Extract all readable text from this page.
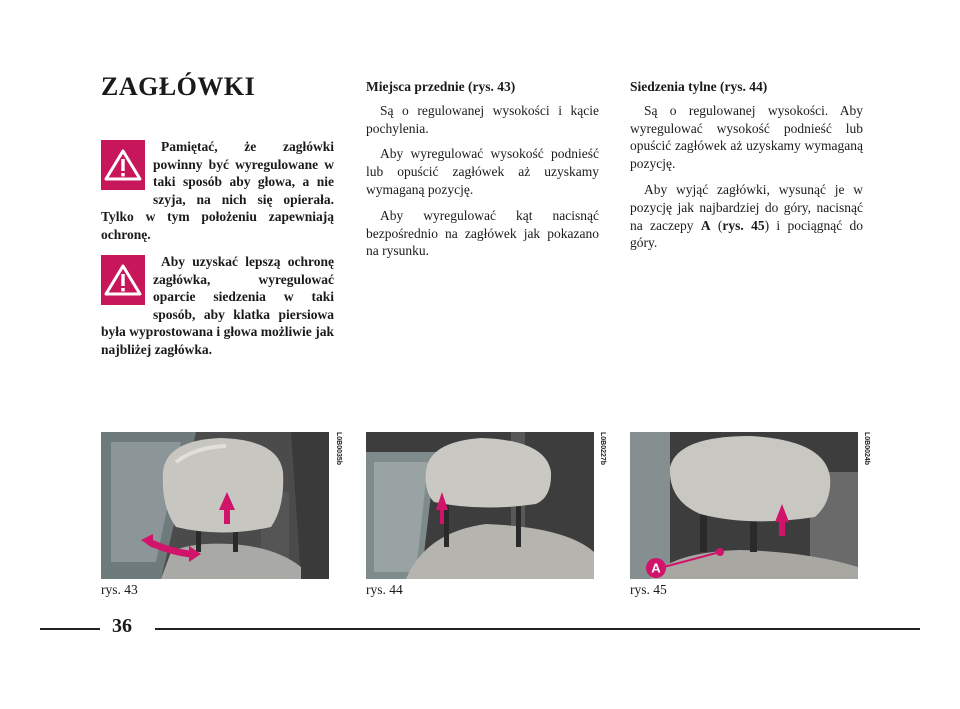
ZAGŁÓWKI
Pamiętać, że zagłówki powinny być wyregulowane w taki sposób aby głowa, a nie szyja, na nich się opierała. Tylko w tym położeniu zapewniają ochronę.
Aby uzyskać lepszą ochronę zagłówka, wyregulować oparcie siedzenia w taki sposób, aby klatka piersiowa była wyprostowana i głowa możliwie jak najbliżej zagłówka.

Miejsca przednie (rys. 43)

Są o regulowanej wysokości i kącie pochylenia.

Aby wyregulować wysokość podnieść lub opuścić zagłówek aż uzyskamy wymaganą pozycję.

Aby wyregulować kąt nacisnąć bezpośrednio na zagłówek jak pokazano na rysunku.

Siedzenia tylne (rys. 44)

Są o regulowanej wysokości. Aby wyregulować wysokość podnieść lub opuścić zagłówek aż uzyskamy wymaganą pozycję.

Aby wyjąć zagłówki, wysunąć je w pozycję jak najbardziej do góry, nacisnąć na zaczepy A (rys. 45) i pociągnąć do góry.

L0B0035b
rys. 43
L0B0227b
rys. 44
A
L0B0024b
rys. 45
36
